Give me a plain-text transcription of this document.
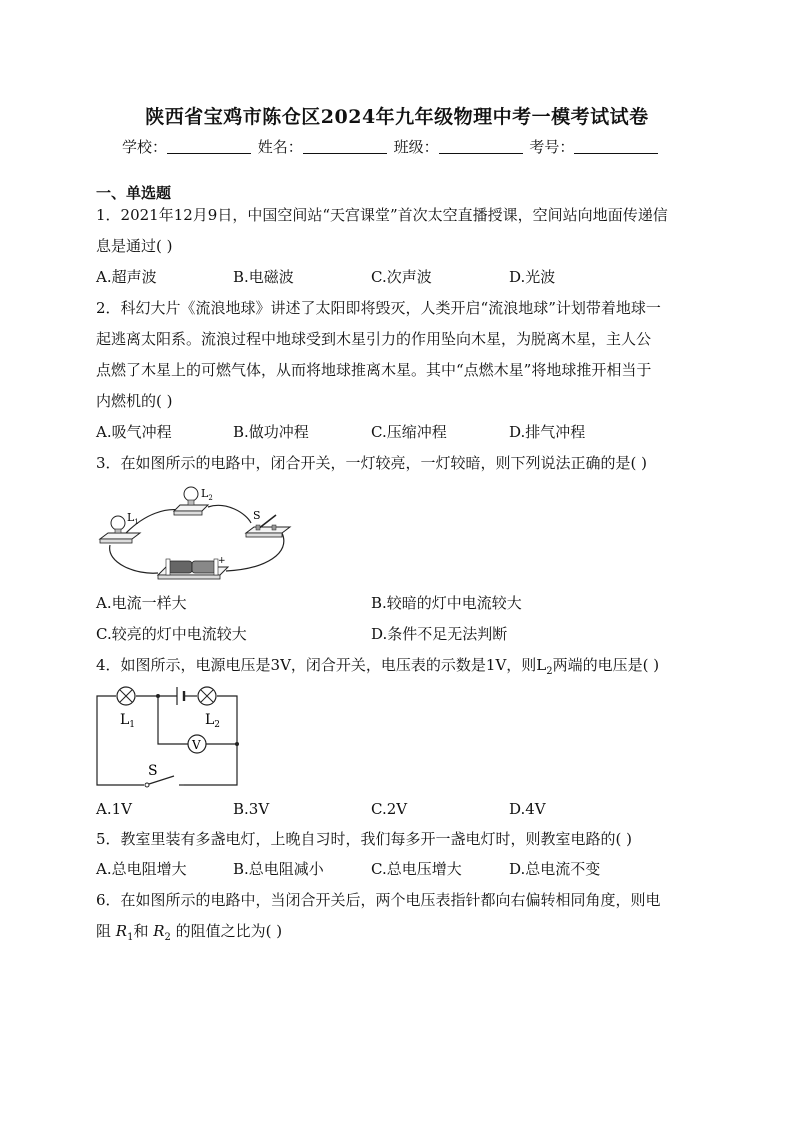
陕西省宝鸡市陈仓区2024年九年级物理中考一模考试试卷
学校：	姓名：	班级：	考号：
一、单选题
1．2021年12月9日，中国空间站“天宫课堂”首次太空直播授课，空间站向地面传递信
息是通过( )
A.超声波	B.电磁波	C.次声波	D.光波
2．科幻大片《流浪地球》讲述了太阳即将毁灭，人类开启“流浪地球”计划带着地球一
起逃离太阳系。流浪过程中地球受到木星引力的作用坠向木星，为脱离木星，主人公
点燃了木星上的可燃气体，从而将地球推离木星。其中“点燃木星”将地球推开相当于
内燃机的( )
A.吸气冲程	B.做功冲程	C.压缩冲程	D.排气冲程
3．在如图所示的电路中，闭合开关，一灯较亮，一灯较暗，则下列说法正确的是( )
$L_1$
$L_2$
S
+
A.电流一样大	B.较暗的灯中电流较大
C.较亮的灯中电流较大	D.条件不足无法判断
4．如图所示，电源电压是3V，闭合开关，电压表的示数是1V，则$L_2$两端的电压是( )
$L_1$	$L_2$
V
S
A.1V	B.3V	C.2V	D.4V
5．教室里装有多盏电灯，上晚自习时，我们每多开一盏电灯时，则教室电路的( )
A.总电阻增大	B.总电阻减小	C.总电压增大	D.总电流不变
6．在如图所示的电路中，当闭合开关后，两个电压表指针都向右偏转相同角度，则电
阻 $R_1$和 $R_2$ 的阻值之比为( )
